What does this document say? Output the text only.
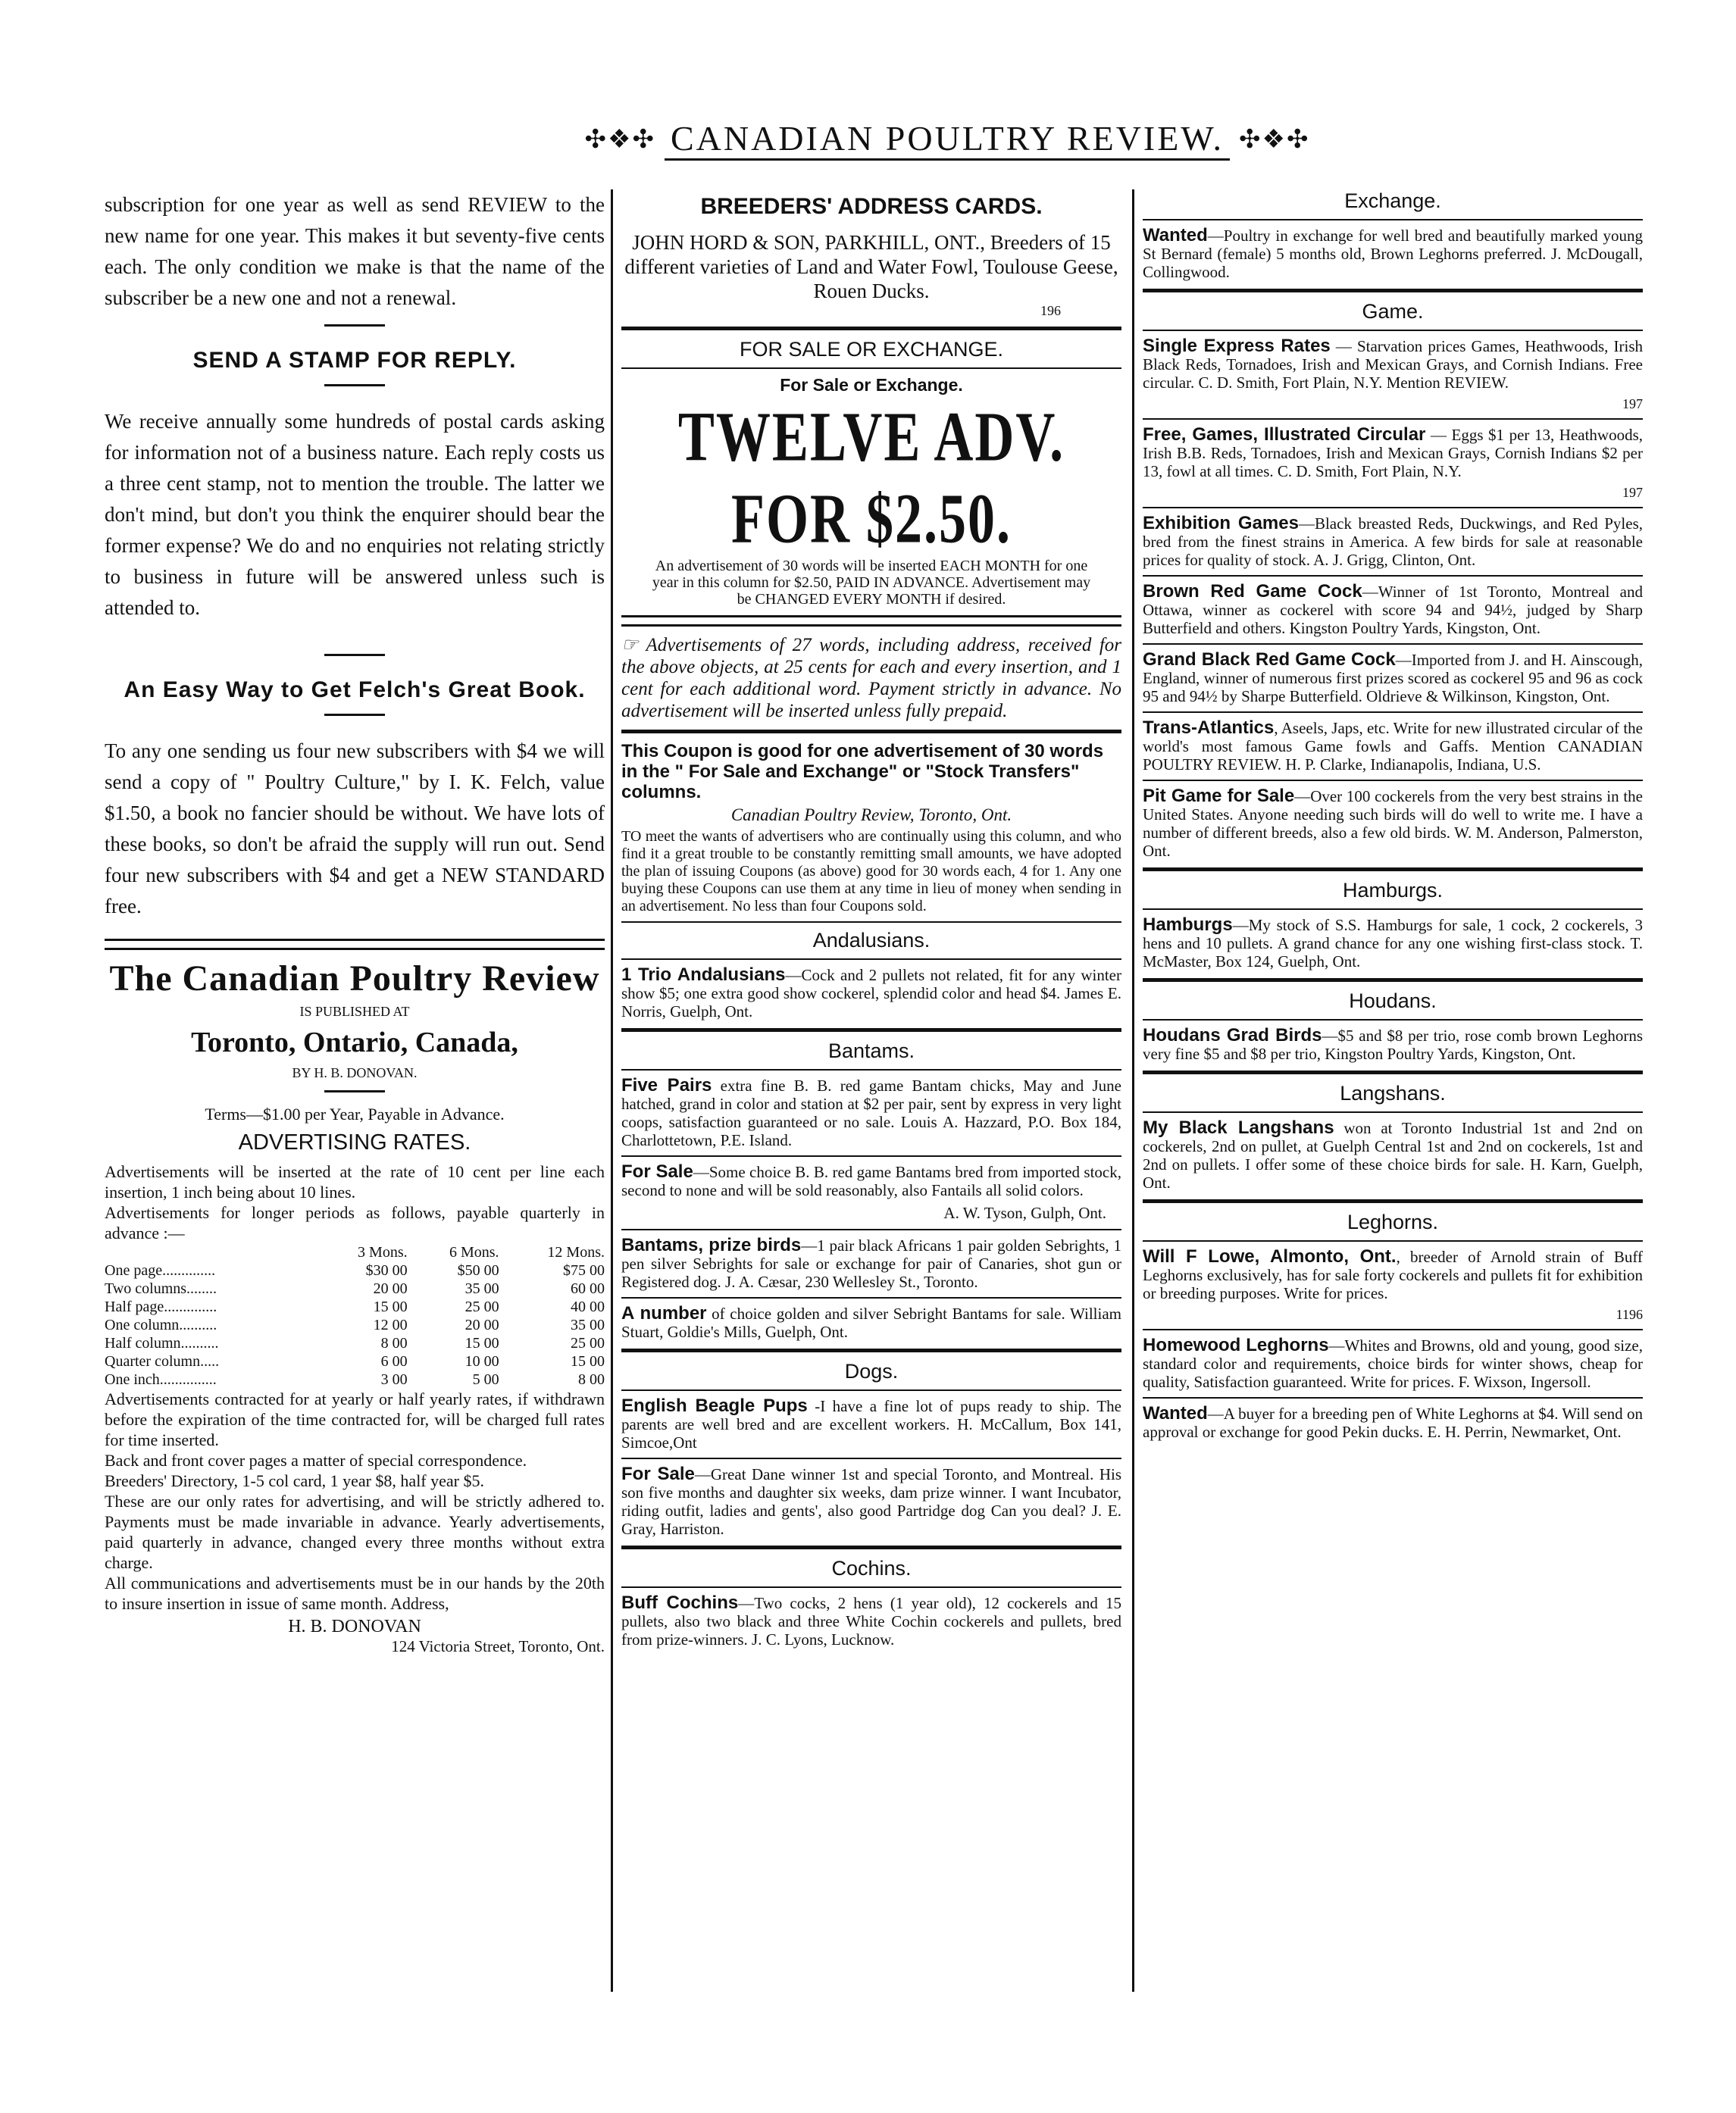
✣❖✣ CANADIAN POULTRY REVIEW. ✣❖✣

subscription for one year as well as send REVIEW to the new name for one year. This makes it but seventy-five cents each. The only condition we make is that the name of the subscriber be a new one and not a renewal.

SEND A STAMP FOR REPLY.

We receive annually some hundreds of postal cards asking for information not of a business nature. Each reply costs us a three cent stamp, not to mention the trouble. The latter we don't mind, but don't you think the enquirer should bear the former expense? We do and no enquiries not relating strictly to business in future will be answered unless such is attended to.

An Easy Way to Get Felch's Great Book.

To any one sending us four new subscribers with $4 we will send a copy of " Poultry Culture," by I. K. Felch, value $1.50, a book no fancier should be without. We have lots of these books, so don't be afraid the supply will run out. Send four new subscribers with $4 and get a NEW STANDARD free.

The Canadian Poultry Review
IS PUBLISHED AT
Toronto, Ontario, Canada,
BY H. B. DONOVAN.
Terms—$1.00 per Year, Payable in Advance.
ADVERTISING RATES.

Advertisements will be inserted at the rate of 10 cent per line each insertion, 1 inch being about 10 lines.

Advertisements for longer periods as follows, payable quarterly in advance :—

	3 Mons.	6 Mons.	12 Mons.
One page..............	$30 00	$50 00	$75 00
Two columns........	20 00	35 00	60 00
Half page..............	15 00	25 00	40 00
One column..........	12 00	20 00	35 00
Half column..........	8 00	15 00	25 00
Quarter column.....	6 00	10 00	15 00
One inch...............	3 00	5 00	8 00

Advertisements contracted for at yearly or half yearly rates, if withdrawn before the expiration of the time contracted for, will be charged full rates for time inserted.

Back and front cover pages a matter of special correspondence.

Breeders' Directory, 1-5 col card, 1 year $8, half year $5.

These are our only rates for advertising, and will be strictly adhered to. Payments must be made invariable in advance. Yearly advertisements, paid quarterly in advance, changed every three months without extra charge.

All communications and advertisements must be in our hands by the 20th to insure insertion in issue of same month. Address,

H. B. DONOVAN
124 Victoria Street, Toronto, Ont.
BREEDERS' ADDRESS CARDS.

JOHN HORD & SON, PARKHILL, ONT., Breeders of 15 different varieties of Land and Water Fowl, Toulouse Geese, Rouen Ducks.

196
FOR SALE OR EXCHANGE.
For Sale or Exchange.
TWELVE ADV. FOR $2.50.

An advertisement of 30 words will be inserted EACH MONTH for one year in this column for $2.50, PAID IN ADVANCE. Advertisement may be CHANGED EVERY MONTH if desired.

☞ Advertisements of 27 words, including address, received for the above objects, at 25 cents for each and every insertion, and 1 cent for each additional word. Payment strictly in advance. No advertisement will be inserted unless fully prepaid.

This Coupon is good for one advertisement of 30 words in the " For Sale and Exchange" or "Stock Transfers" columns.

Canadian Poultry Review, Toronto, Ont.

TO meet the wants of advertisers who are continually using this column, and who find it a great trouble to be constantly remitting small amounts, we have adopted the plan of issuing Coupons (as above) good for 30 words each, 4 for 1. Any one buying these Coupons can use them at any time in lieu of money when sending in an advertisement. No less than four Coupons sold.

Andalusians.

1 Trio Andalusians—Cock and 2 pullets not related, fit for any winter show $5; one extra good show cockerel, splendid color and head $4. James E. Norris, Guelph, Ont.

Bantams.

Five Pairs extra fine B. B. red game Bantam chicks, May and June hatched, grand in color and station at $2 per pair, sent by express in very light coops, satisfaction guaranteed or no sale. Louis A. Hazzard, P.O. Box 184, Charlottetown, P.E. Island.

For Sale—Some choice B. B. red game Bantams bred from imported stock, second to none and will be sold reasonably, also Fantails all solid colors.

A. W. Tyson, Gulph, Ont.

Bantams, prize birds—1 pair black Africans 1 pair golden Sebrights, 1 pen silver Sebrights for sale or exchange for pair of Canaries, shot gun or Registered dog. J. A. Cæsar, 230 Wellesley St., Toronto.

A number of choice golden and silver Sebright Bantams for sale. William Stuart, Goldie's Mills, Guelph, Ont.

Dogs.

English Beagle Pups -I have a fine lot of pups ready to ship. The parents are well bred and are excellent workers. H. McCallum, Box 141, Simcoe,Ont

For Sale—Great Dane winner 1st and special Toronto, and Montreal. His son five months and daughter six weeks, dam prize winner. I want Incubator, riding outfit, ladies and gents', also good Partridge dog Can you deal? J. E. Gray, Harriston.

Cochins.

Buff Cochins—Two cocks, 2 hens (1 year old), 12 cockerels and 15 pullets, also two black and three White Cochin cockerels and pullets, bred from prize-winners. J. C. Lyons, Lucknow.

Exchange.

Wanted—Poultry in exchange for well bred and beautifully marked young St Bernard (female) 5 months old, Brown Leghorns preferred. J. McDougall, Collingwood.

Game.

Single Express Rates — Starvation prices Games, Heathwoods, Irish Black Reds, Tornadoes, Irish and Mexican Grays, and Cornish Indians. Free circular. C. D. Smith, Fort Plain, N.Y. Mention REVIEW.

197

Free, Games, Illustrated Circular — Eggs $1 per 13, Heathwoods, Irish B.B. Reds, Tornadoes, Irish and Mexican Grays, Cornish Indians $2 per 13, fowl at all times. C. D. Smith, Fort Plain, N.Y.

197

Exhibition Games—Black breasted Reds, Duckwings, and Red Pyles, bred from the finest strains in America. A few birds for sale at reasonable prices for quality of stock. A. J. Grigg, Clinton, Ont.

Brown Red Game Cock—Winner of 1st Toronto, Montreal and Ottawa, winner as cockerel with score 94 and 94½, judged by Sharp Butterfield and others. Kingston Poultry Yards, Kingston, Ont.

Grand Black Red Game Cock—Imported from J. and H. Ainscough, England, winner of numerous first prizes scored as cockerel 95 and 96 as cock 95 and 94½ by Sharpe Butterfield. Oldrieve & Wilkinson, Kingston, Ont.

Trans-Atlantics, Aseels, Japs, etc. Write for new illustrated circular of the world's most famous Game fowls and Gaffs. Mention CANADIAN POULTRY REVIEW. H. P. Clarke, Indianapolis, Indiana, U.S.

Pit Game for Sale—Over 100 cockerels from the very best strains in the United States. Anyone needing such birds will do well to write me. I have a number of different breeds, also a few old birds. W. M. Anderson, Palmerston, Ont.

Hamburgs.

Hamburgs—My stock of S.S. Hamburgs for sale, 1 cock, 2 cockerels, 3 hens and 10 pullets. A grand chance for any one wishing first-class stock. T. McMaster, Box 124, Guelph, Ont.

Houdans.

Houdans Grad Birds—$5 and $8 per trio, rose comb brown Leghorns very fine $5 and $8 per trio, Kingston Poultry Yards, Kingston, Ont.

Langshans.

My Black Langshans won at Toronto Industrial 1st and 2nd on cockerels, 2nd on pullet, at Guelph Central 1st and 2nd on cockerels, 1st and 2nd on pullets. I offer some of these choice birds for sale. H. Karn, Guelph, Ont.

Leghorns.

Will F Lowe, Almonto, Ont., breeder of Arnold strain of Buff Leghorns exclusively, has for sale forty cockerels and pullets fit for exhibition or breeding purposes. Write for prices.

1196

Homewood Leghorns—Whites and Browns, old and young, good size, standard color and requirements, choice birds for winter shows, cheap for quality, Satisfaction guaranteed. Write for prices. F. Wixson, Ingersoll.

Wanted—A buyer for a breeding pen of White Leghorns at $4. Will send on approval or exchange for good Pekin ducks. E. H. Perrin, Newmarket, Ont.
